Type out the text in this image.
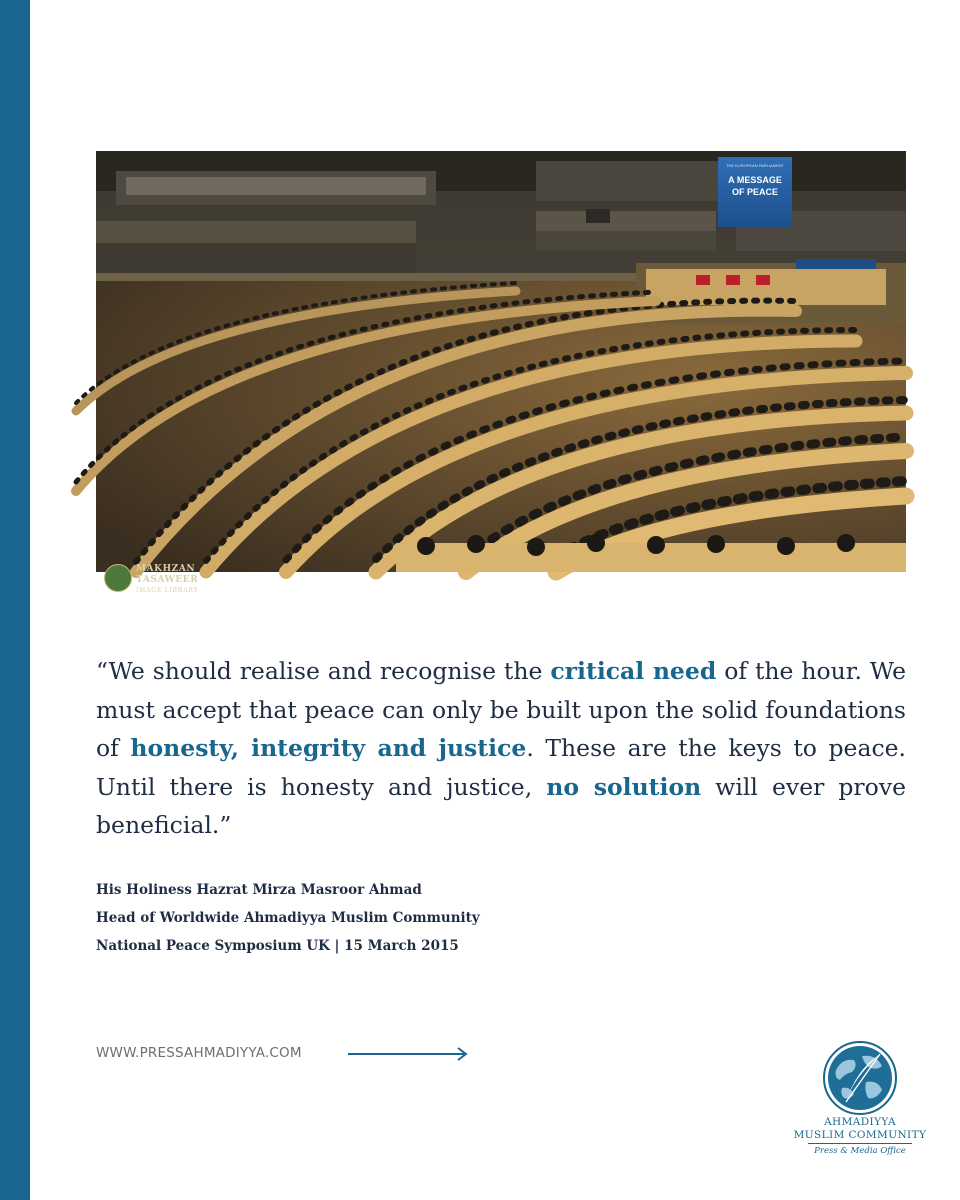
THE EUROPEAN PARLIAMENT
A MESSAGE
OF PEACE
MAKHZAN
TASAWEER
IMAGE LIBRARY

“We should realise and recognise the critical need of the hour. We must accept that peace can only be built upon the solid foundations of honesty, integrity and justice. These are the keys to peace. Until there is honesty and justice, no solution will ever prove beneficial.”

His Holiness Hazrat Mirza Masroor Ahmad
Head of Worldwide Ahmadiyya Muslim Community
National Peace Symposium UK | 15 March 2015
WWW.PRESSAHMADIYYA.COM
AHMADIYYA
MUSLIM COMMUNITY
Press & Media Office
